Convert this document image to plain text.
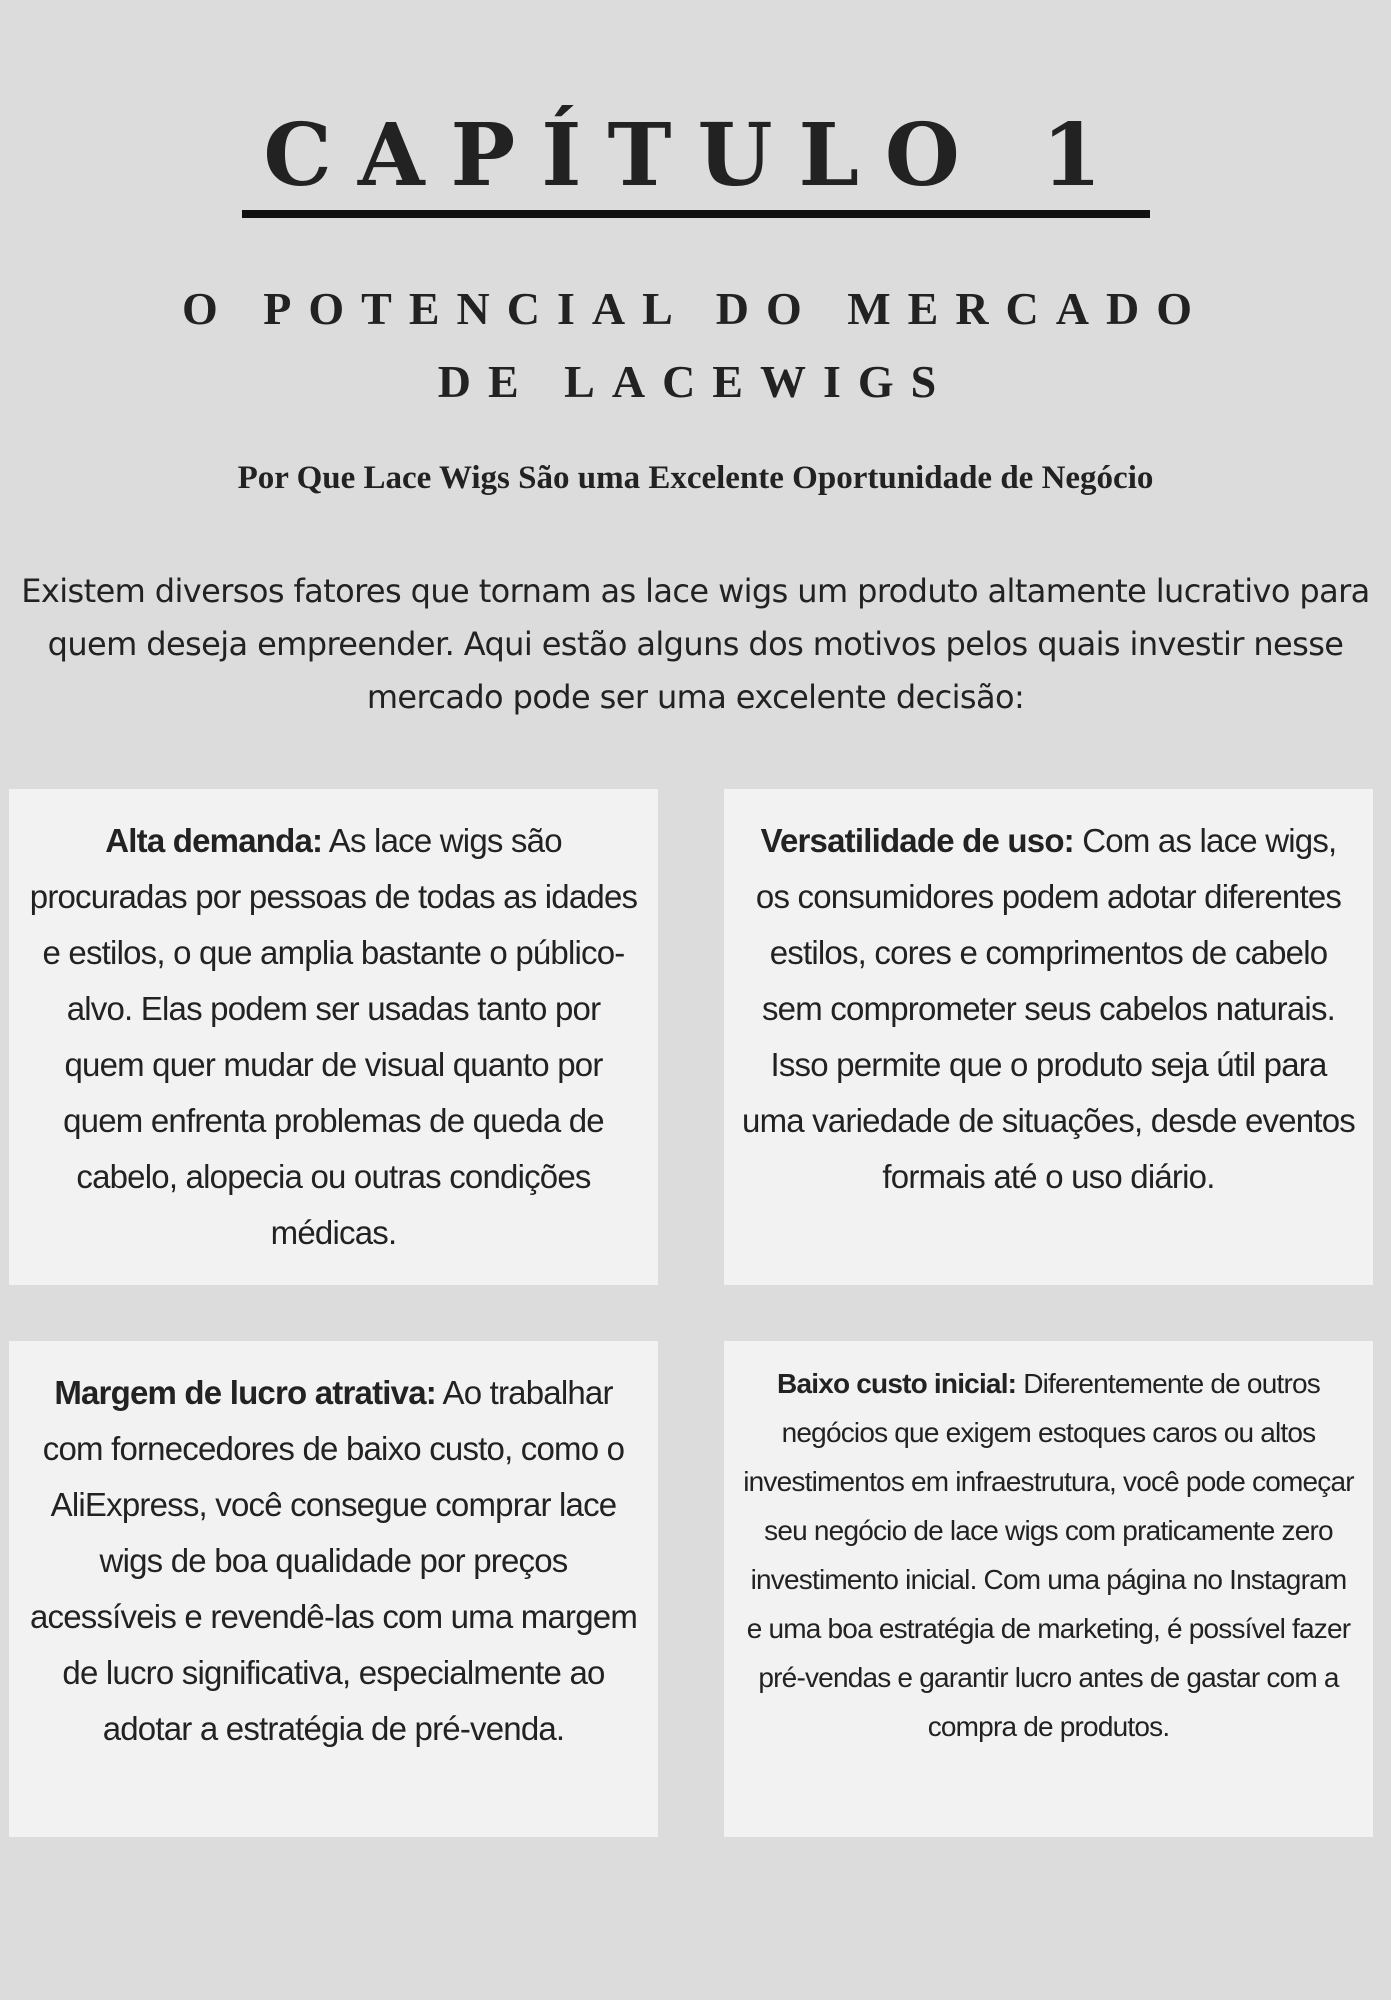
CAPÍTULO 1
O POTENCIAL DO MERCADO DE LACEWIGS
Por Que Lace Wigs São uma Excelente Oportunidade de Negócio
Existem diversos fatores que tornam as lace wigs um produto altamente lucrativo para quem deseja empreender. Aqui estão alguns dos motivos pelos quais investir nesse mercado pode ser uma excelente decisão:
Alta demanda: As lace wigs são procuradas por pessoas de todas as idades e estilos, o que amplia bastante o público-alvo. Elas podem ser usadas tanto por quem quer mudar de visual quanto por quem enfrenta problemas de queda de cabelo, alopecia ou outras condições médicas.
Versatilidade de uso: Com as lace wigs, os consumidores podem adotar diferentes estilos, cores e comprimentos de cabelo sem comprometer seus cabelos naturais. Isso permite que o produto seja útil para uma variedade de situações, desde eventos formais até o uso diário.
Margem de lucro atrativa: Ao trabalhar com fornecedores de baixo custo, como o AliExpress, você consegue comprar lace wigs de boa qualidade por preços acessíveis e revendê-las com uma margem de lucro significativa, especialmente ao adotar a estratégia de pré-venda.
Baixo custo inicial: Diferentemente de outros negócios que exigem estoques caros ou altos investimentos em infraestrutura, você pode começar seu negócio de lace wigs com praticamente zero investimento inicial. Com uma página no Instagram e uma boa estratégia de marketing, é possível fazer pré-vendas e garantir lucro antes de gastar com a compra de produtos.
